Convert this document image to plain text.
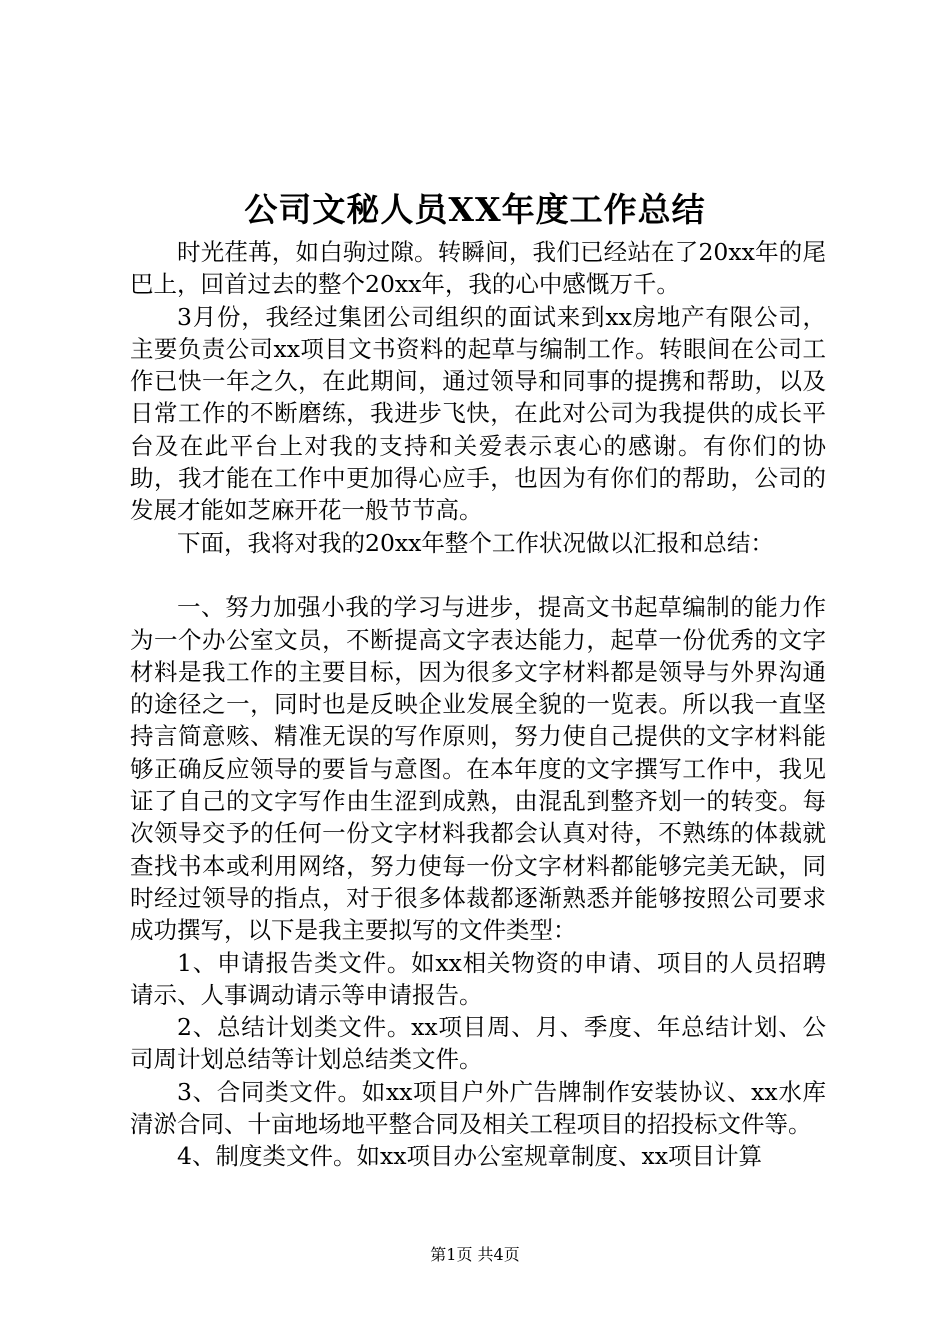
公司文秘人员XX年度工作总结

时光荏苒，如白驹过隙。转瞬间，我们已经站在了20xx年的尾巴上，回首过去的整个20xx年，我的心中感慨万千。

3月份，我经过集团公司组织的面试来到xx房地产有限公司，主要负责公司xx项目文书资料的起草与编制工作。转眼间在公司工作已快一年之久，在此期间，通过领导和同事的提携和帮助，以及日常工作的不断磨练，我进步飞快，在此对公司为我提供的成长平台及在此平台上对我的支持和关爱表示衷心的感谢。有你们的协助，我才能在工作中更加得心应手，也因为有你们的帮助，公司的发展才能如芝麻开花一般节节高。

下面，我将对我的20xx年整个工作状况做以汇报和总结：

一、努力加强小我的学习与进步，提高文书起草编制的能力作为一个办公室文员，不断提高文字表达能力，起草一份优秀的文字材料是我工作的主要目标，因为很多文字材料都是领导与外界沟通的途径之一，同时也是反映企业发展全貌的一览表。所以我一直坚持言简意赅、精准无误的写作原则，努力使自己提供的文字材料能够正确反应领导的要旨与意图。在本年度的文字撰写工作中，我见证了自己的文字写作由生涩到成熟，由混乱到整齐划一的转变。每次领导交予的任何一份文字材料我都会认真对待，不熟练的体裁就查找书本或利用网络，努力使每一份文字材料都能够完美无缺，同时经过领导的指点，对于很多体裁都逐渐熟悉并能够按照公司要求成功撰写，以下是我主要拟写的文件类型：

1、申请报告类文件。如xx相关物资的申请、项目的人员招聘请示、人事调动请示等申请报告。

2、总结计划类文件。xx项目周、月、季度、年总结计划、公司周计划总结等计划总结类文件。

3、合同类文件。如xx项目户外广告牌制作安装协议、xx水库清淤合同、十亩地场地平整合同及相关工程项目的招投标文件等。

4、制度类文件。如xx项目办公室规章制度、xx项目计算

第1页 共4页
